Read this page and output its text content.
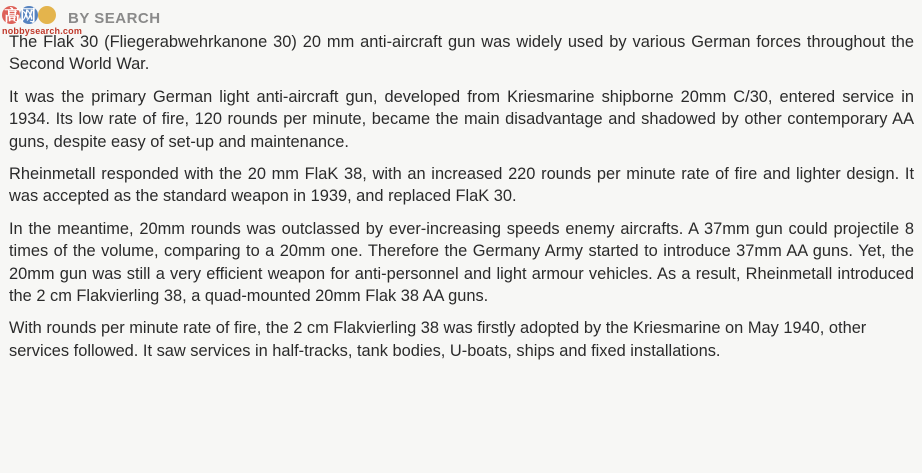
高网
nobbysearch.com
BY SEARCH

The Flak 30 (Fliegerabwehrkanone 30) 20 mm anti-aircraft gun was widely used by various German forces throughout the Second World War.

It was the primary German light anti-aircraft gun, developed from Kriesmarine shipborne 20mm C/30, entered service in 1934. Its low rate of fire, 120 rounds per minute, became the main disadvantage and shadowed by other contemporary AA guns, despite easy of set-up and maintenance.

Rheinmetall responded with the 20 mm FlaK 38, with an increased 220 rounds per minute rate of fire and lighter design. It was accepted as the standard weapon in 1939, and replaced FlaK 30.

In the meantime, 20mm rounds was outclassed by ever-increasing speeds enemy aircrafts. A 37mm gun could projectile 8 times of the volume, comparing to a 20mm one. Therefore the Germany Army started to introduce 37mm AA guns. Yet, the 20mm gun was still a very efficient weapon for anti-personnel and light armour vehicles. As a result, Rheinmetall introduced the 2 cm Flakvierling 38, a quad-mounted 20mm Flak 38 AA guns.

With rounds per minute rate of fire, the 2 cm Flakvierling 38 was firstly adopted by the Kriesmarine on May 1940, other services followed. It saw services in half-tracks, tank bodies, U-boats, ships and fixed installations.
